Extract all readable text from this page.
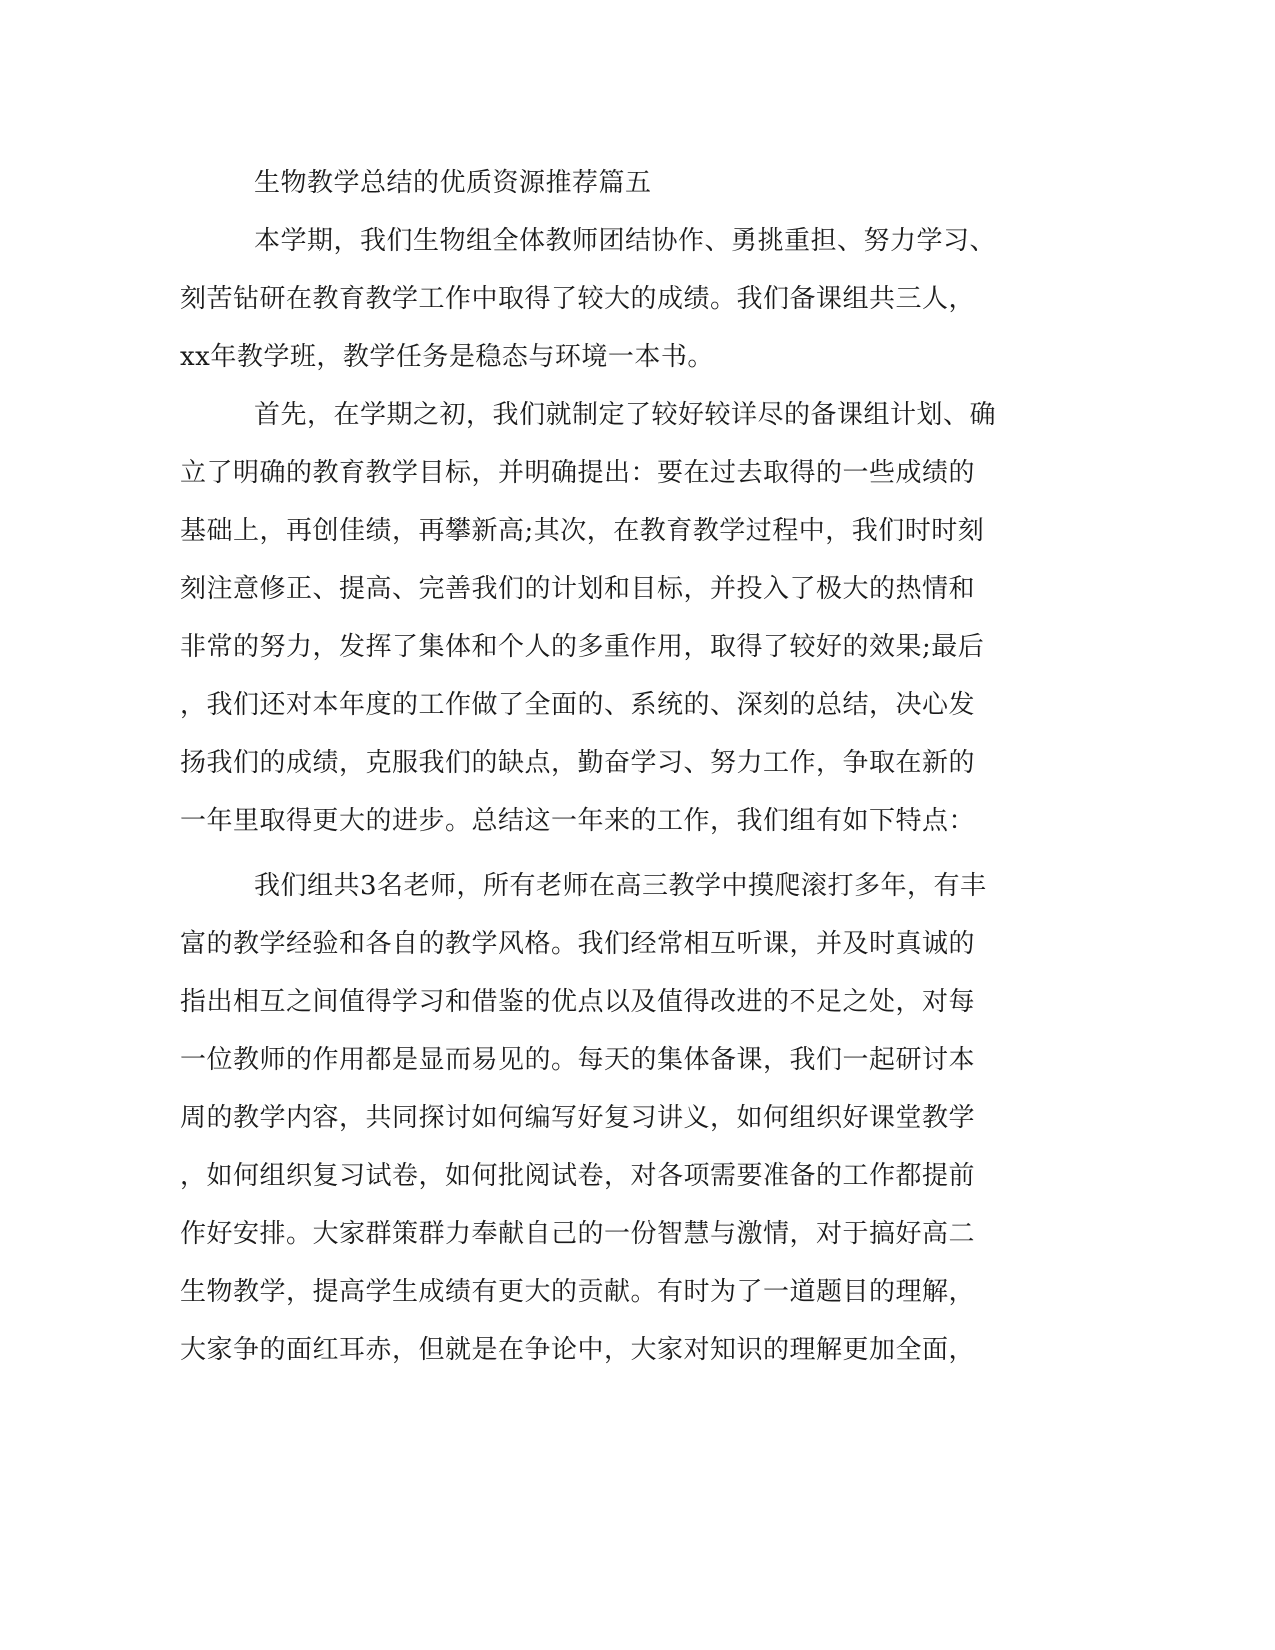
生物教学总结的优质资源推荐篇五

本学期，我们生物组全体教师团结协作、勇挑重担、努力学习、

刻苦钻研在教育教学工作中取得了较大的成绩。我们备课组共三人，

xx年教学班，教学任务是稳态与环境一本书。

首先，在学期之初，我们就制定了较好较详尽的备课组计划、确

立了明确的教育教学目标，并明确提出：要在过去取得的一些成绩的

基础上，再创佳绩，再攀新高;其次，在教育教学过程中，我们时时刻

刻注意修正、提高、完善我们的计划和目标，并投入了极大的热情和

非常的努力，发挥了集体和个人的多重作用，取得了较好的效果;最后

，我们还对本年度的工作做了全面的、系统的、深刻的总结，决心发

扬我们的成绩，克服我们的缺点，勤奋学习、努力工作，争取在新的

一年里取得更大的进步。总结这一年来的工作，我们组有如下特点：

我们组共3名老师，所有老师在高三教学中摸爬滚打多年，有丰

富的教学经验和各自的教学风格。我们经常相互听课，并及时真诚的

指出相互之间值得学习和借鉴的优点以及值得改进的不足之处，对每

一位教师的作用都是显而易见的。每天的集体备课，我们一起研讨本

周的教学内容，共同探讨如何编写好复习讲义，如何组织好课堂教学

，如何组织复习试卷，如何批阅试卷，对各项需要准备的工作都提前

作好安排。大家群策群力奉献自己的一份智慧与激情，对于搞好高二

生物教学，提高学生成绩有更大的贡献。有时为了一道题目的理解，

大家争的面红耳赤，但就是在争论中，大家对知识的理解更加全面，
